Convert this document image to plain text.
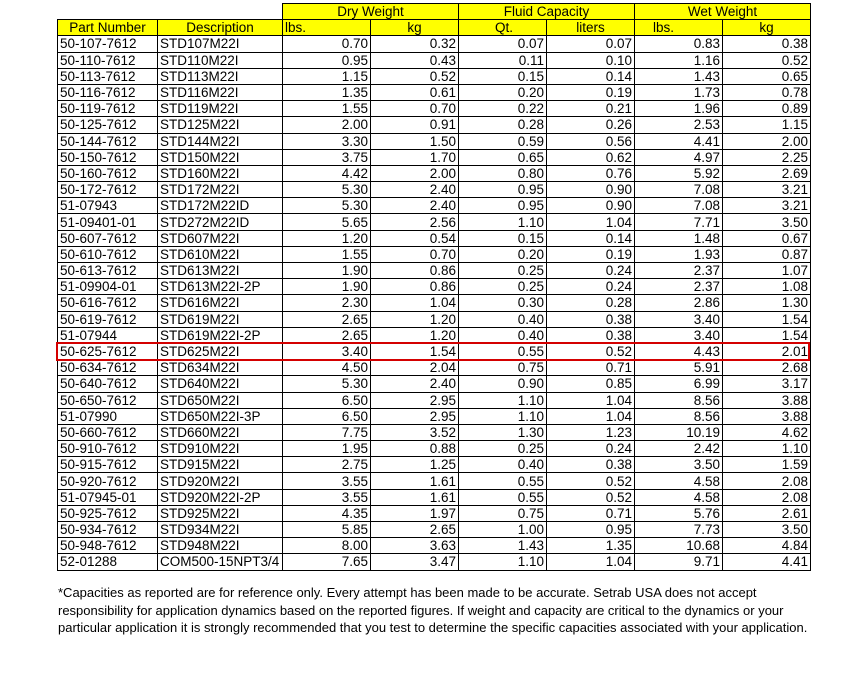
		Dry Weight		Fluid Capacity		Wet Weight	
Part Number	Description	lbs.	kg	Qt.	liters	lbs.	kg
50-107-7612	STD107M22I	0.70	0.32	0.07	0.07	0.83	0.38
50-110-7612	STD110M22I	0.95	0.43	0.11	0.10	1.16	0.52
50-113-7612	STD113M22I	1.15	0.52	0.15	0.14	1.43	0.65
50-116-7612	STD116M22I	1.35	0.61	0.20	0.19	1.73	0.78
50-119-7612	STD119M22I	1.55	0.70	0.22	0.21	1.96	0.89
50-125-7612	STD125M22I	2.00	0.91	0.28	0.26	2.53	1.15
50-144-7612	STD144M22I	3.30	1.50	0.59	0.56	4.41	2.00
50-150-7612	STD150M22I	3.75	1.70	0.65	0.62	4.97	2.25
50-160-7612	STD160M22I	4.42	2.00	0.80	0.76	5.92	2.69
50-172-7612	STD172M22I	5.30	2.40	0.95	0.90	7.08	3.21
51-07943	STD172M22ID	5.30	2.40	0.95	0.90	7.08	3.21
51-09401-01	STD272M22ID	5.65	2.56	1.10	1.04	7.71	3.50
50-607-7612	STD607M22I	1.20	0.54	0.15	0.14	1.48	0.67
50-610-7612	STD610M22I	1.55	0.70	0.20	0.19	1.93	0.87
50-613-7612	STD613M22I	1.90	0.86	0.25	0.24	2.37	1.07
51-09904-01	STD613M22I-2P	1.90	0.86	0.25	0.24	2.37	1.08
50-616-7612	STD616M22I	2.30	1.04	0.30	0.28	2.86	1.30
50-619-7612	STD619M22I	2.65	1.20	0.40	0.38	3.40	1.54
51-07944	STD619M22I-2P	2.65	1.20	0.40	0.38	3.40	1.54
50-625-7612	STD625M22I	3.40	1.54	0.55	0.52	4.43	2.01
50-634-7612	STD634M22I	4.50	2.04	0.75	0.71	5.91	2.68
50-640-7612	STD640M22I	5.30	2.40	0.90	0.85	6.99	3.17
50-650-7612	STD650M22I	6.50	2.95	1.10	1.04	8.56	3.88
51-07990	STD650M22I-3P	6.50	2.95	1.10	1.04	8.56	3.88
50-660-7612	STD660M22I	7.75	3.52	1.30	1.23	10.19	4.62
50-910-7612	STD910M22I	1.95	0.88	0.25	0.24	2.42	1.10
50-915-7612	STD915M22I	2.75	1.25	0.40	0.38	3.50	1.59
50-920-7612	STD920M22I	3.55	1.61	0.55	0.52	4.58	2.08
51-07945-01	STD920M22I-2P	3.55	1.61	0.55	0.52	4.58	2.08
50-925-7612	STD925M22I	4.35	1.97	0.75	0.71	5.76	2.61
50-934-7612	STD934M22I	5.85	2.65	1.00	0.95	7.73	3.50
50-948-7612	STD948M22I	8.00	3.63	1.43	1.35	10.68	4.84
52-01288	COM500-15NPT3/4	7.65	3.47	1.10	1.04	9.71	4.41
*Capacities as reported are for reference only. Every attempt has been made to be accurate. Setrab USA does not accept responsibility for application dynamics based on the reported figures. If weight and capacity are critical to the dynamics or your particular application it is strongly recommended that you test to determine the specific capacities associated with your application.
